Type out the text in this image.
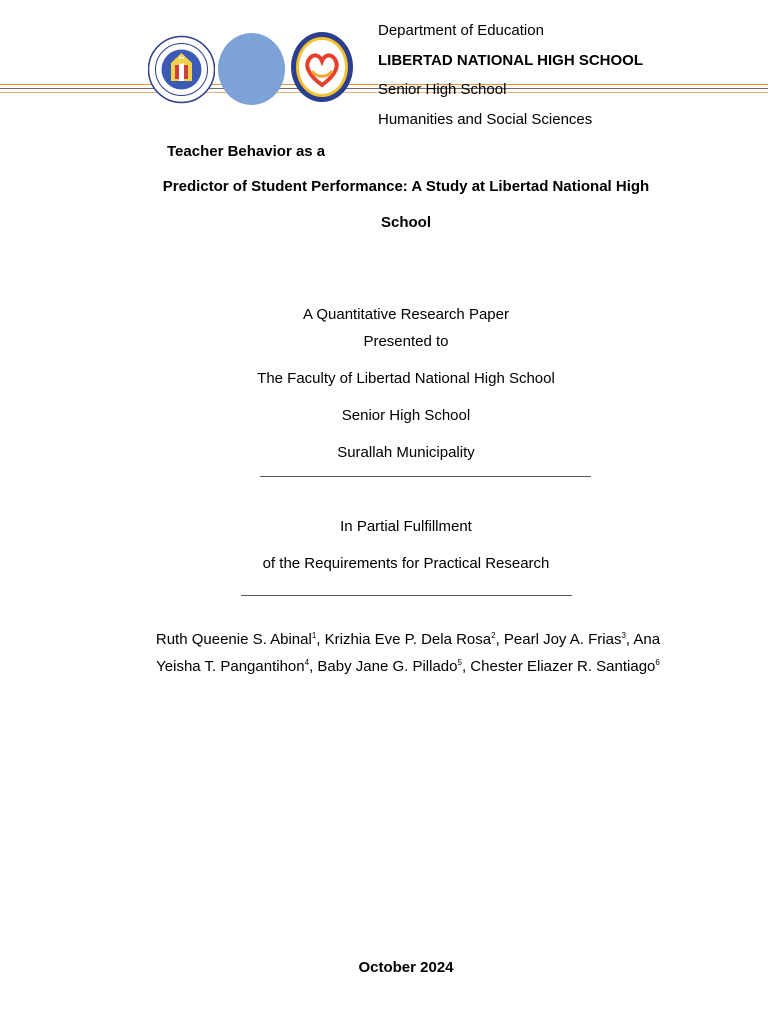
Department of Education
LIBERTAD NATIONAL HIGH SCHOOL
Senior High School
Humanities and Social Sciences
Teacher Behavior as a
Predictor of Student Performance: A Study at Libertad National High
School
A Quantitative Research Paper
Presented to
The Faculty of Libertad National High School
Senior High School
Surallah Municipality
In Partial Fulfillment
of the Requirements for Practical Research
Ruth Queenie S. Abinal$^1$, Krizhia Eve P. Dela Rosa$^2$, Pearl Joy A. Frias$^3$, Ana Yeisha T. Pangantihon$^4$, Baby Jane G. Pillado$^5$, Chester Eliazer R. Santiago$^6$
October 2024
